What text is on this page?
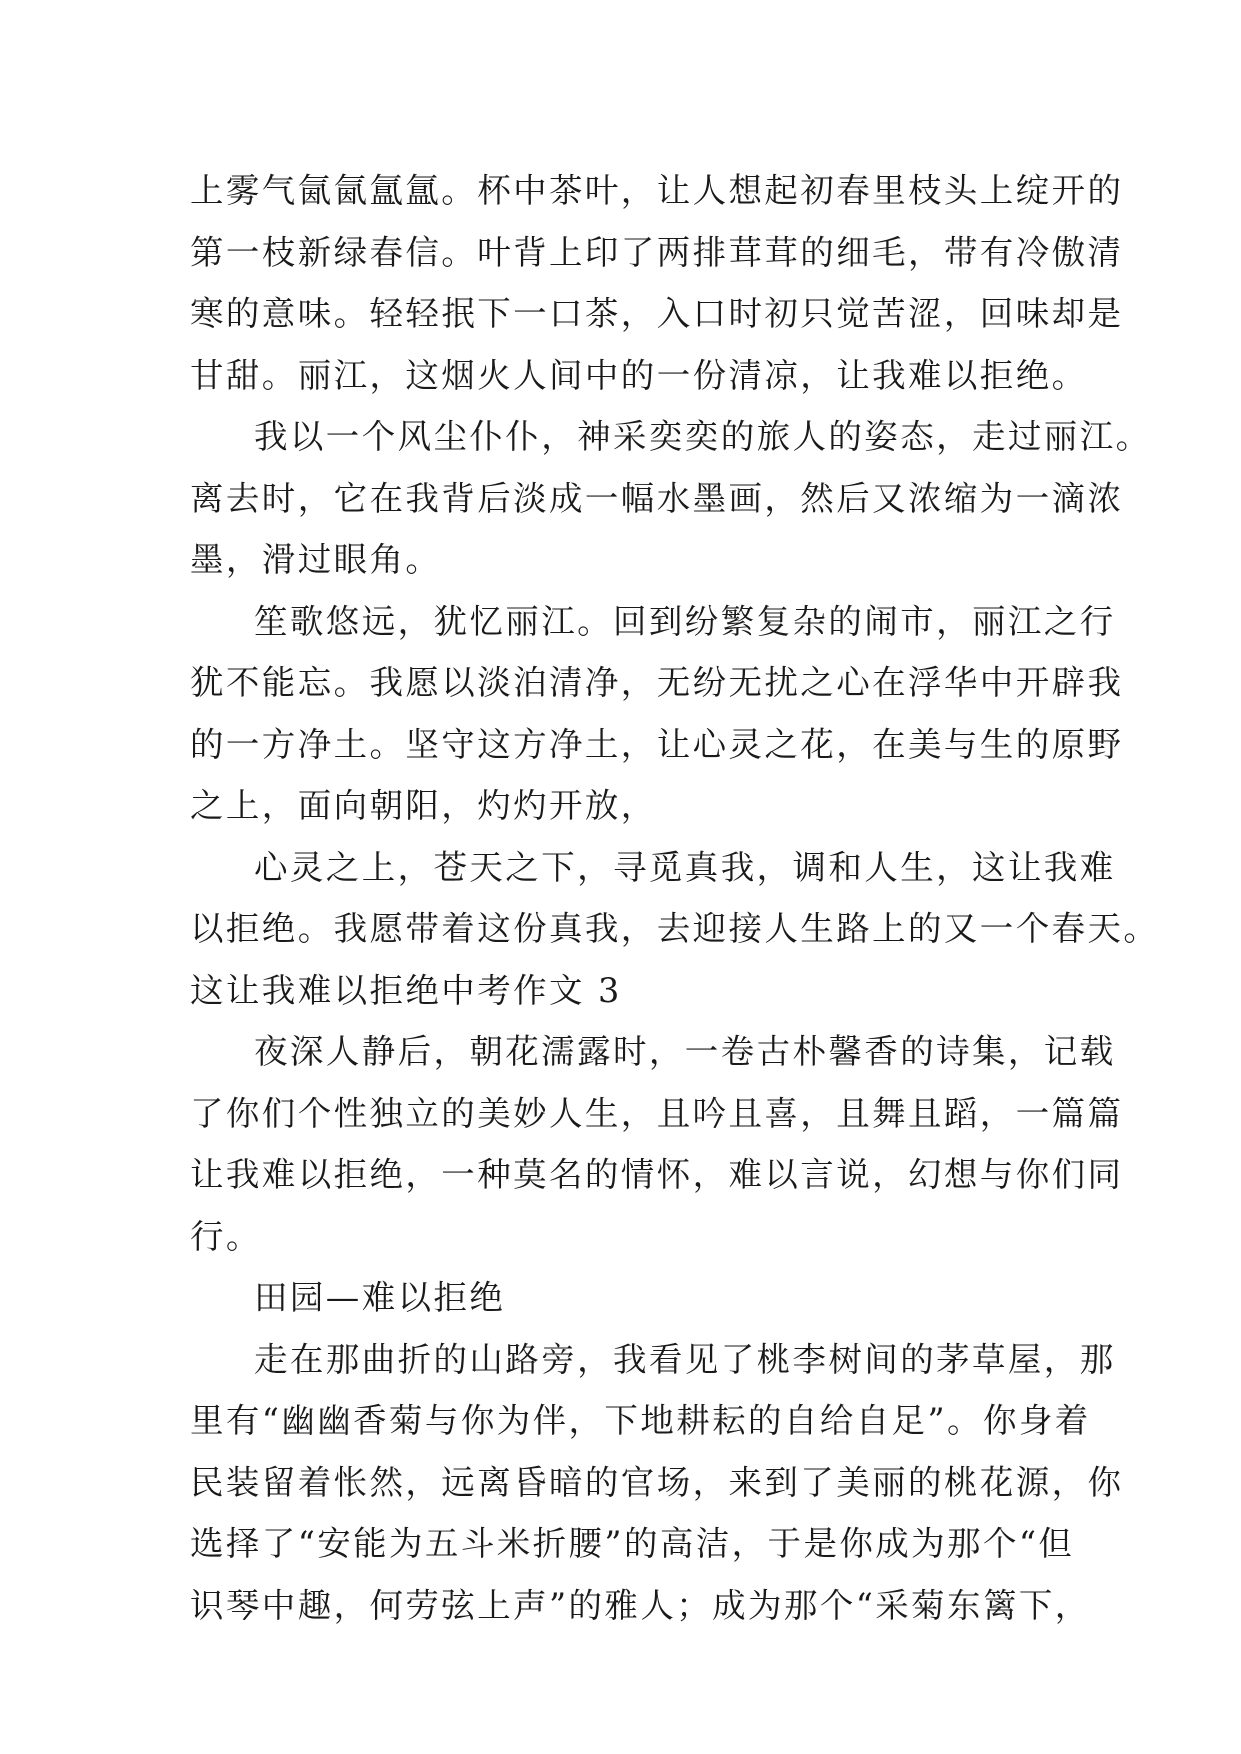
上雾气氤氤氲氲。杯中茶叶，让人想起初春里枝头上绽开的
第一枝新绿春信。叶背上印了两排茸茸的细毛，带有冷傲清
寒的意味。轻轻抿下一口茶，入口时初只觉苦涩，回味却是
甘甜。丽江，这烟火人间中的一份清凉，让我难以拒绝。
我以一个风尘仆仆，神采奕奕的旅人的姿态，走过丽江。
离去时，它在我背后淡成一幅水墨画，然后又浓缩为一滴浓
墨，滑过眼角。
笙歌悠远，犹忆丽江。回到纷繁复杂的闹市，丽江之行
犹不能忘。我愿以淡泊清净，无纷无扰之心在浮华中开辟我
的一方净土。坚守这方净土，让心灵之花，在美与生的原野
之上，面向朝阳，灼灼开放，
心灵之上，苍天之下，寻觅真我，调和人生，这让我难
以拒绝。我愿带着这份真我，去迎接人生路上的又一个春天。
这让我难以拒绝中考作文 3
夜深人静后，朝花濡露时，一卷古朴馨香的诗集，记载
了你们个性独立的美妙人生，且吟且喜，且舞且蹈，一篇篇
让我难以拒绝，一种莫名的情怀，难以言说，幻想与你们同
行。
田园—难以拒绝
走在那曲折的山路旁，我看见了桃李树间的茅草屋，那
里有“幽幽香菊与你为伴，下地耕耘的自给自足”。你身着
民装留着怅然，远离昏暗的官场，来到了美丽的桃花源，你
选择了“安能为五斗米折腰”的高洁，于是你成为那个“但
识琴中趣，何劳弦上声”的雅人；成为那个“采菊东篱下，
